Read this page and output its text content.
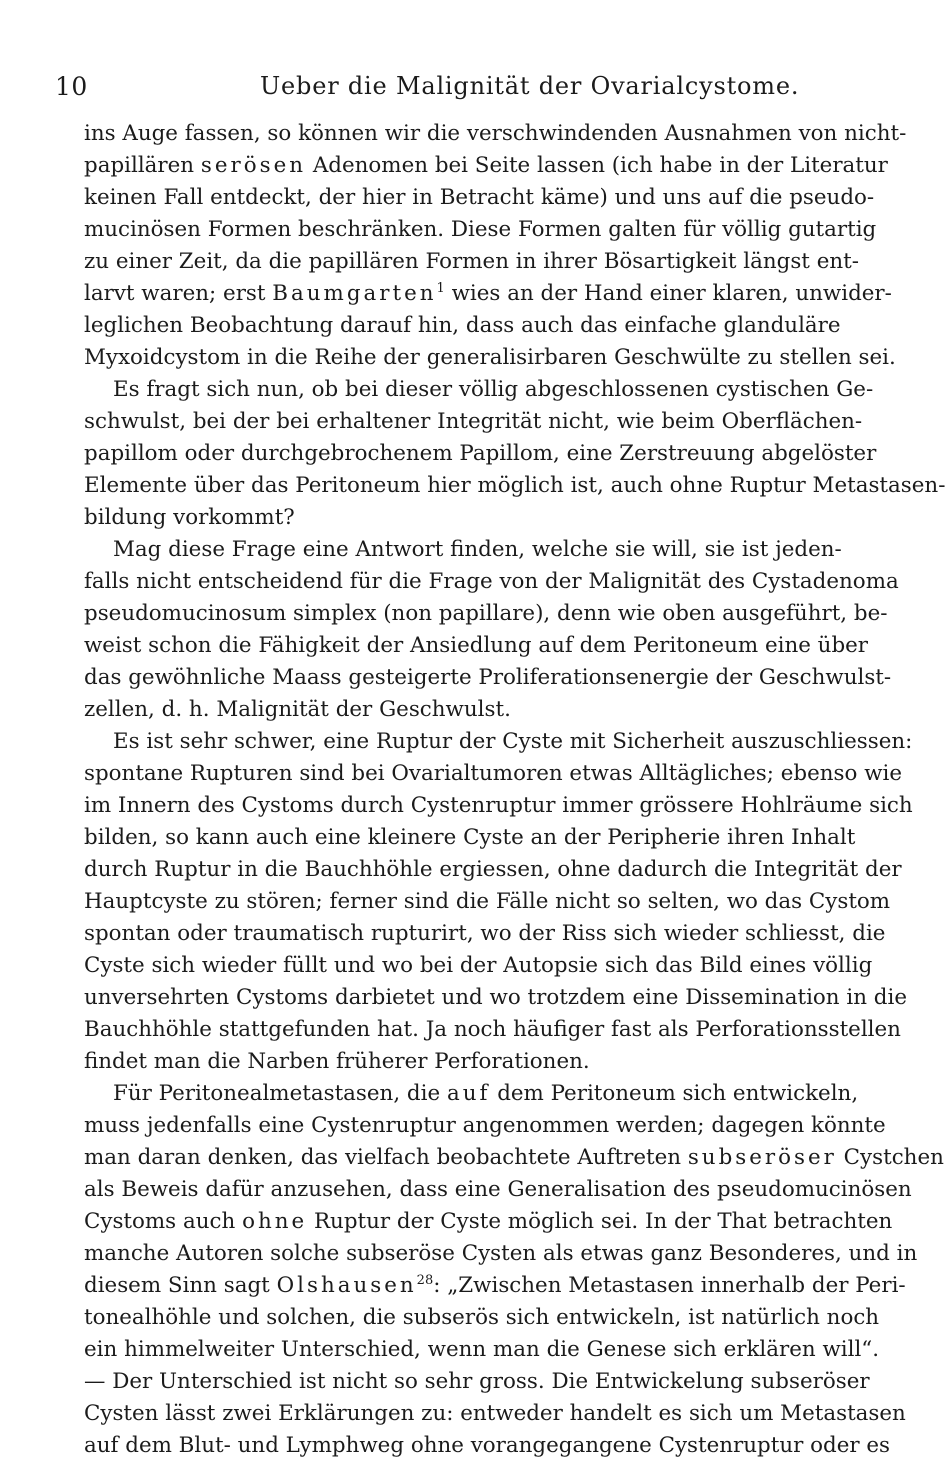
10	Ueber die Malignität der Ovarialcystome.
ins Auge fassen, so können wir die verschwindenden Ausnahmen von nicht-
papillären serösen Adenomen bei Seite lassen (ich habe in der Literatur
keinen Fall entdeckt, der hier in Betracht käme) und uns auf die pseudo-
mucinösen Formen beschränken. Diese Formen galten für völlig gutartig
zu einer Zeit, da die papillären Formen in ihrer Bösartigkeit längst ent-
larvt waren; erst Baumgarten$^1$ wies an der Hand einer klaren, unwider-
leglichen Beobachtung darauf hin, dass auch das einfache glanduläre
Myxoidcystom in die Reihe der generalisirbaren Geschwülte zu stellen sei.
Es fragt sich nun, ob bei dieser völlig abgeschlossenen cystischen Ge-
schwulst, bei der bei erhaltener Integrität nicht, wie beim Oberflächen-
papillom oder durchgebrochenem Papillom, eine Zerstreuung abgelöster
Elemente über das Peritoneum hier möglich ist, auch ohne Ruptur Metastasen-
bildung vorkommt?
Mag diese Frage eine Antwort finden, welche sie will, sie ist jeden-
falls nicht entscheidend für die Frage von der Malignität des Cystadenoma
pseudomucinosum simplex (non papillare), denn wie oben ausgeführt, be-
weist schon die Fähigkeit der Ansiedlung auf dem Peritoneum eine über
das gewöhnliche Maass gesteigerte Proliferationsenergie der Geschwulst-
zellen, d. h. Malignität der Geschwulst.
Es ist sehr schwer, eine Ruptur der Cyste mit Sicherheit auszuschliessen:
spontane Rupturen sind bei Ovarialtumoren etwas Alltägliches; ebenso wie
im Innern des Cystoms durch Cystenruptur immer grössere Hohlräume sich
bilden, so kann auch eine kleinere Cyste an der Peripherie ihren Inhalt
durch Ruptur in die Bauchhöhle ergiessen, ohne dadurch die Integrität der
Hauptcyste zu stören; ferner sind die Fälle nicht so selten, wo das Cystom
spontan oder traumatisch rupturirt, wo der Riss sich wieder schliesst, die
Cyste sich wieder füllt und wo bei der Autopsie sich das Bild eines völlig
unversehrten Cystoms darbietet und wo trotzdem eine Dissemination in die
Bauchhöhle stattgefunden hat. Ja noch häufiger fast als Perforationsstellen
findet man die Narben früherer Perforationen.
Für Peritonealmetastasen, die auf dem Peritoneum sich entwickeln,
muss jedenfalls eine Cystenruptur angenommen werden; dagegen könnte
man daran denken, das vielfach beobachtete Auftreten subseröser Cystchen
als Beweis dafür anzusehen, dass eine Generalisation des pseudomucinösen
Cystoms auch ohne Ruptur der Cyste möglich sei. In der That betrachten
manche Autoren solche subseröse Cysten als etwas ganz Besonderes, und in
diesem Sinn sagt Olshausen$^{28}$: „Zwischen Metastasen innerhalb der Peri-
tonealhöhle und solchen, die subserös sich entwickeln, ist natürlich noch
ein himmelweiter Unterschied, wenn man die Genese sich erklären will“.
— Der Unterschied ist nicht so sehr gross. Die Entwickelung subseröser
Cysten lässt zwei Erklärungen zu: entweder handelt es sich um Metastasen
auf dem Blut- und Lymphweg ohne vorangegangene Cystenruptur oder es
